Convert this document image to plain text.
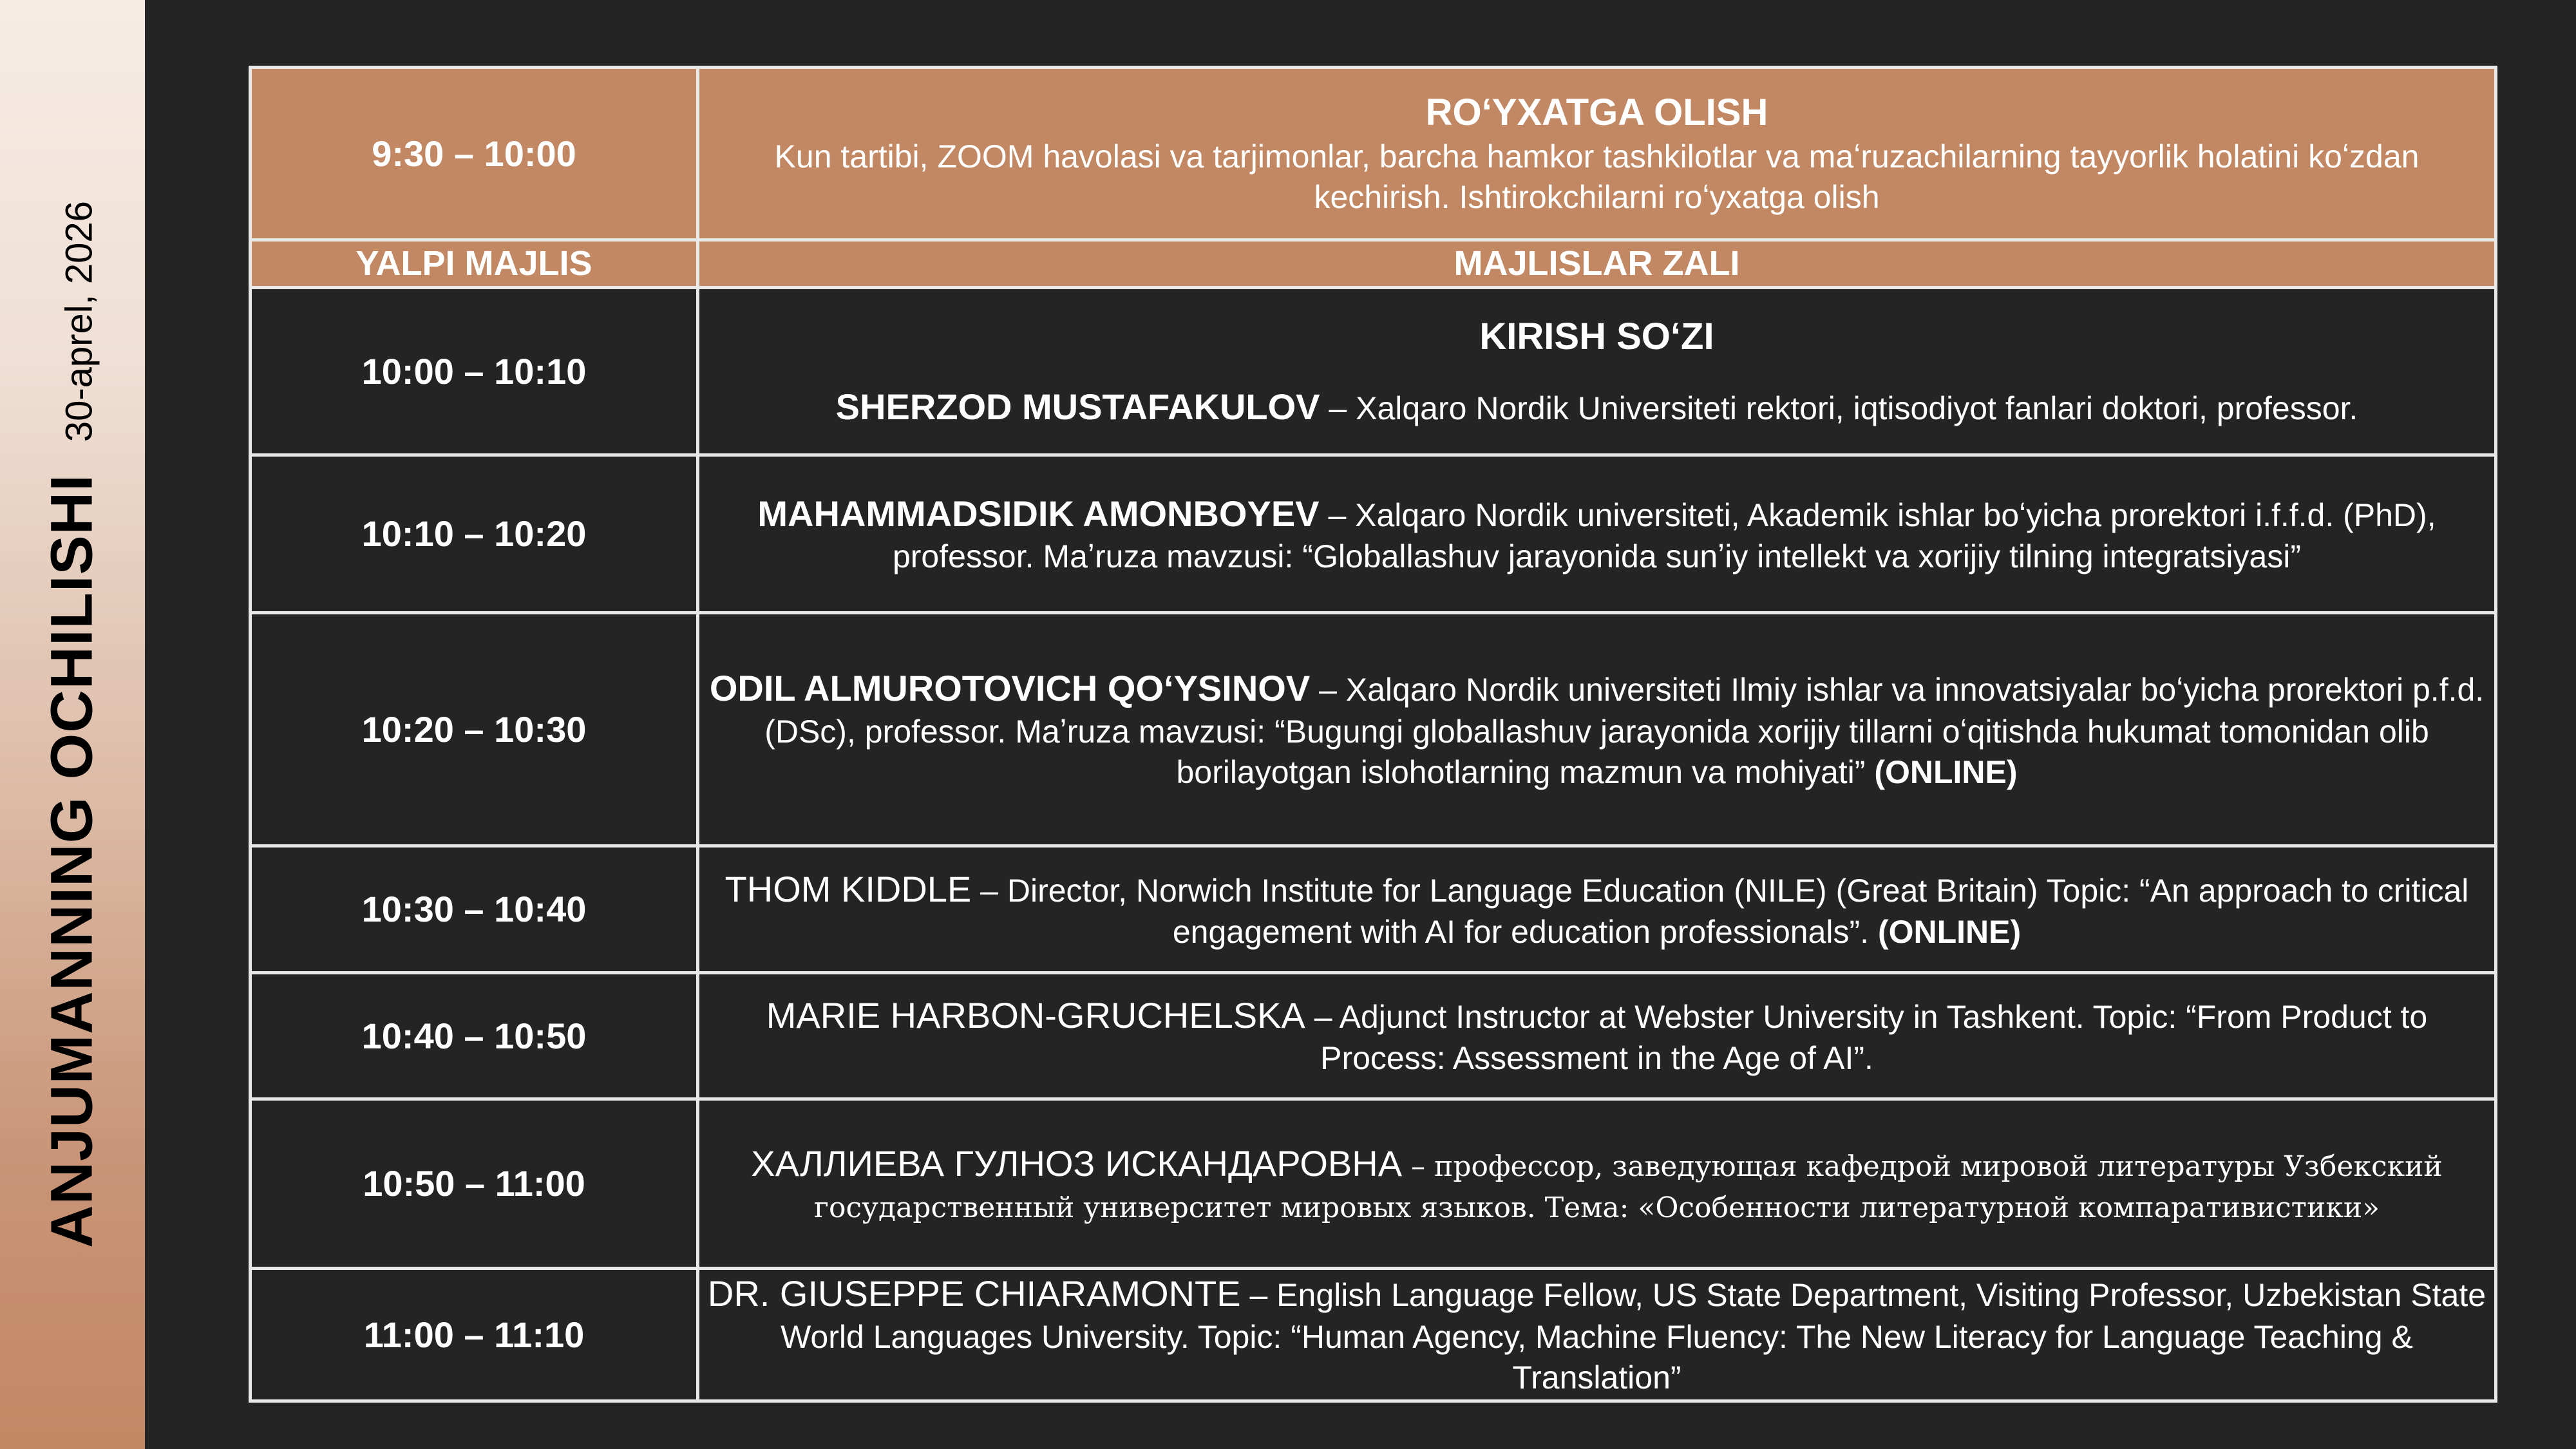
ANJUMANNING OCHILISHI
30-aprel, 2026
9:30 – 10:00	ROʻYXATGA OLISH
Kun tartibi, ZOOM havolasi va tarjimonlar, barcha hamkor tashkilotlar va maʻruzachilarning tayyorlik holatini koʻzdan kechirish. Ishtirokchilarni roʻyxatga olish
YALPI MAJLIS	MAJLISLAR ZALI
10:00 – 10:10	KIRISH SOʻZI
SHERZOD MUSTAFAKULOV – Xalqaro Nordik Universiteti rektori, iqtisodiyot fanlari doktori, professor.
10:10 – 10:20	MAHAMMADSIDIK AMONBOYEV – Xalqaro Nordik universiteti, Akademik ishlar boʻyicha prorektori i.f.f.d. (PhD), professor. Maʼruza mavzusi: “Globallashuv jarayonida sunʼiy intellekt va xorijiy tilning integratsiyasi”
10:20 – 10:30	ODIL ALMUROTOVICH QOʻYSINOV – Xalqaro Nordik universiteti Ilmiy ishlar va innovatsiyalar boʻyicha prorektori p.f.d. (DSc), professor. Maʼruza mavzusi: “Bugungi globallashuv jarayonida xorijiy tillarni oʻqitishda hukumat tomonidan olib borilayotgan islohotlarning mazmun va mohiyati” (ONLINE)
10:30 – 10:40	THOM KIDDLE – Director, Norwich Institute for Language Education (NILE) (Great Britain) Topic: “An approach to critical engagement with AI for education professionals”. (ONLINE)
10:40 – 10:50	MARIE HARBON-GRUCHELSKA – Adjunct Instructor at Webster University in Tashkent. Topic: “From Product to Process: Assessment in the Age of AI”.
10:50 – 11:00	ХАЛЛИЕВА ГУЛНОЗ ИСКАНДАРОВНА – профессор, заведующая кафедрой мировой литературы Узбекский государственный университет мировых языков. Тема: «Особенности литературной компаративистики»
11:00 – 11:10	DR. GIUSEPPE CHIARAMONTE – English Language Fellow, US State Department, Visiting Professor, Uzbekistan State World Languages University. Topic: “Human Agency, Machine Fluency: The New Literacy for Language Teaching & Translation”
